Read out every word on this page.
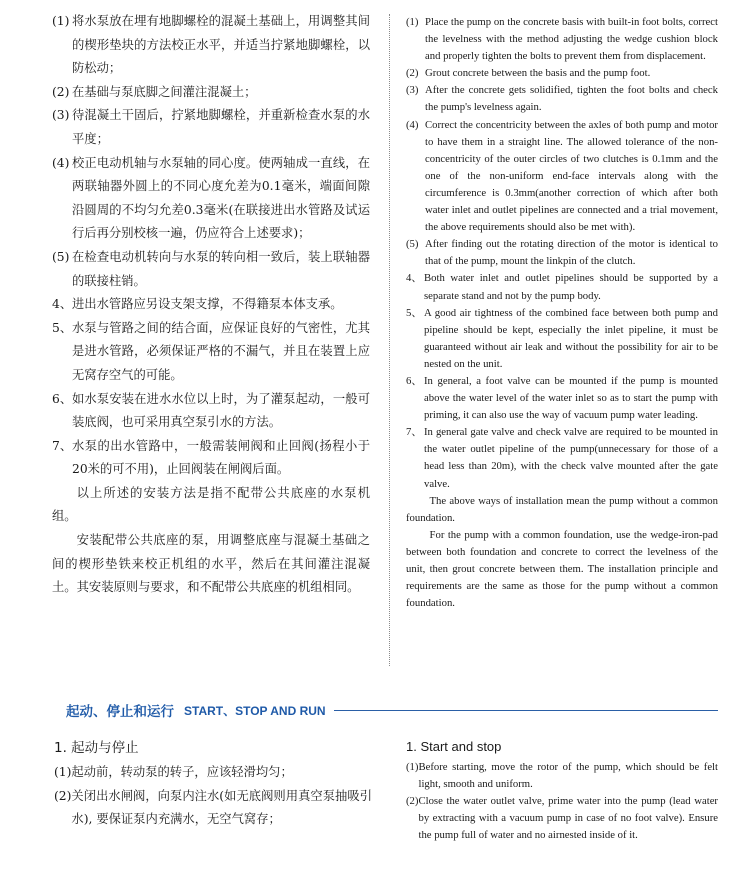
(1) 将水泵放在埋有地脚螺栓的混凝土基础上，用调整其间的楔形垫块的方法校正水平，并适当拧紧地脚螺栓，以防松动；
(2) 在基础与泵底脚之间灌注混凝土；
(3) 待混凝土干固后，拧紧地脚螺栓，并重新检查水泵的水平度；
(4) 校正电动机轴与水泵轴的同心度。使两轴成一直线，在两联轴器外圆上的不同心度允差为0.1毫米，端面间隙沿圆周的不均匀允差0.3毫米(在联接进出水管路及试运行后再分别校核一遍，仍应符合上述要求)；
(5) 在检查电动机转向与水泵的转向相一致后，装上联轴器的联接柱销。
4、 进出水管路应另设支架支撑，不得籍泵本体支承。
5、 水泵与管路之间的结合面，应保证良好的气密性，尤其是进水管路，必须保证严格的不漏气，并且在装置上应无窝存空气的可能。
6、 如水泵安装在进水水位以上时，为了灌泵起动，一般可装底阀，也可采用真空泵引水的方法。
7、 水泵的出水管路中，一般需装闸阀和止回阀(扬程小于20米的可不用)，止回阀装在闸阀后面。
以上所述的安装方法是指不配带公共底座的水泵机组。
安装配带公共底座的泵，用调整底座与混凝土基础之间的楔形垫铁来校正机组的水平，然后在其间灌注混凝土。其安装原则与要求，和不配带公共底座的机组相同。
(1) Place the pump on the concrete basis with built-in foot bolts, correct the levelness with the method adjusting the wedge cushion block and properly tighten the bolts to prevent them from displacement.
(2) Grout concrete between the basis and the pump foot.
(3) After the concrete gets solidified, tighten the foot bolts and check the pump's levelness again.
(4) Correct the concentricity between the axles of both pump and motor to have them in a straight line. The allowed tolerance of the non-concentricity of the outer circles of two clutches is 0.1mm and the one of the non-uniform end-face intervals along with the circumference is 0.3mm(another correction of which after both water inlet and outlet pipelines are connected and a trial movement, the above requirements should also be met with).
(5) After finding out the rotating direction of the motor is identical to that of the pump, mount the linkpin of the clutch.
4、 Both water inlet and outlet pipelines should be supported by a separate stand and not by the pump body.
5、 A good air tightness of the combined face between both pump and pipeline should be kept, especially the inlet pipeline, it must be guaranteed without air leak and without the possibility for air to be nested on the unit.
6、 In general, a foot valve can be mounted if the pump is mounted above the water level of the water inlet so as to start the pump with priming, it can also use the way of vacuum pump water leading.
7、 In general gate valve and check valve are required to be mounted in the water outlet pipeline of the pump(unnecessary for those of a head less than 20m), with the check valve mounted after the gate valve.
The above ways of installation mean the pump without a common foundation.
For the pump with a common foundation, use the wedge-iron-pad between both foundation and concrete to correct the levelness of the unit, then grout concrete between them. The installation principle and requirements are the same as those for the pump without a common foundation.
起动、停止和运行 START、STOP AND RUN
1. 起动与停止
(1) 起动前，转动泵的转子，应该轻滑均匀；
(2) 关闭出水闸阀，向泵内注水(如无底阀则用真空泵抽吸引水), 要保证泵内充满水，无空气窝存；
1. Start and stop
(1) Before starting, move the rotor of the pump, which should be felt light, smooth and uniform.
(2) Close the water outlet valve, prime water into the pump (lead water by extracting with a vacuum pump in case of no foot valve). Ensure the pump full of water and no airnested inside of it.
